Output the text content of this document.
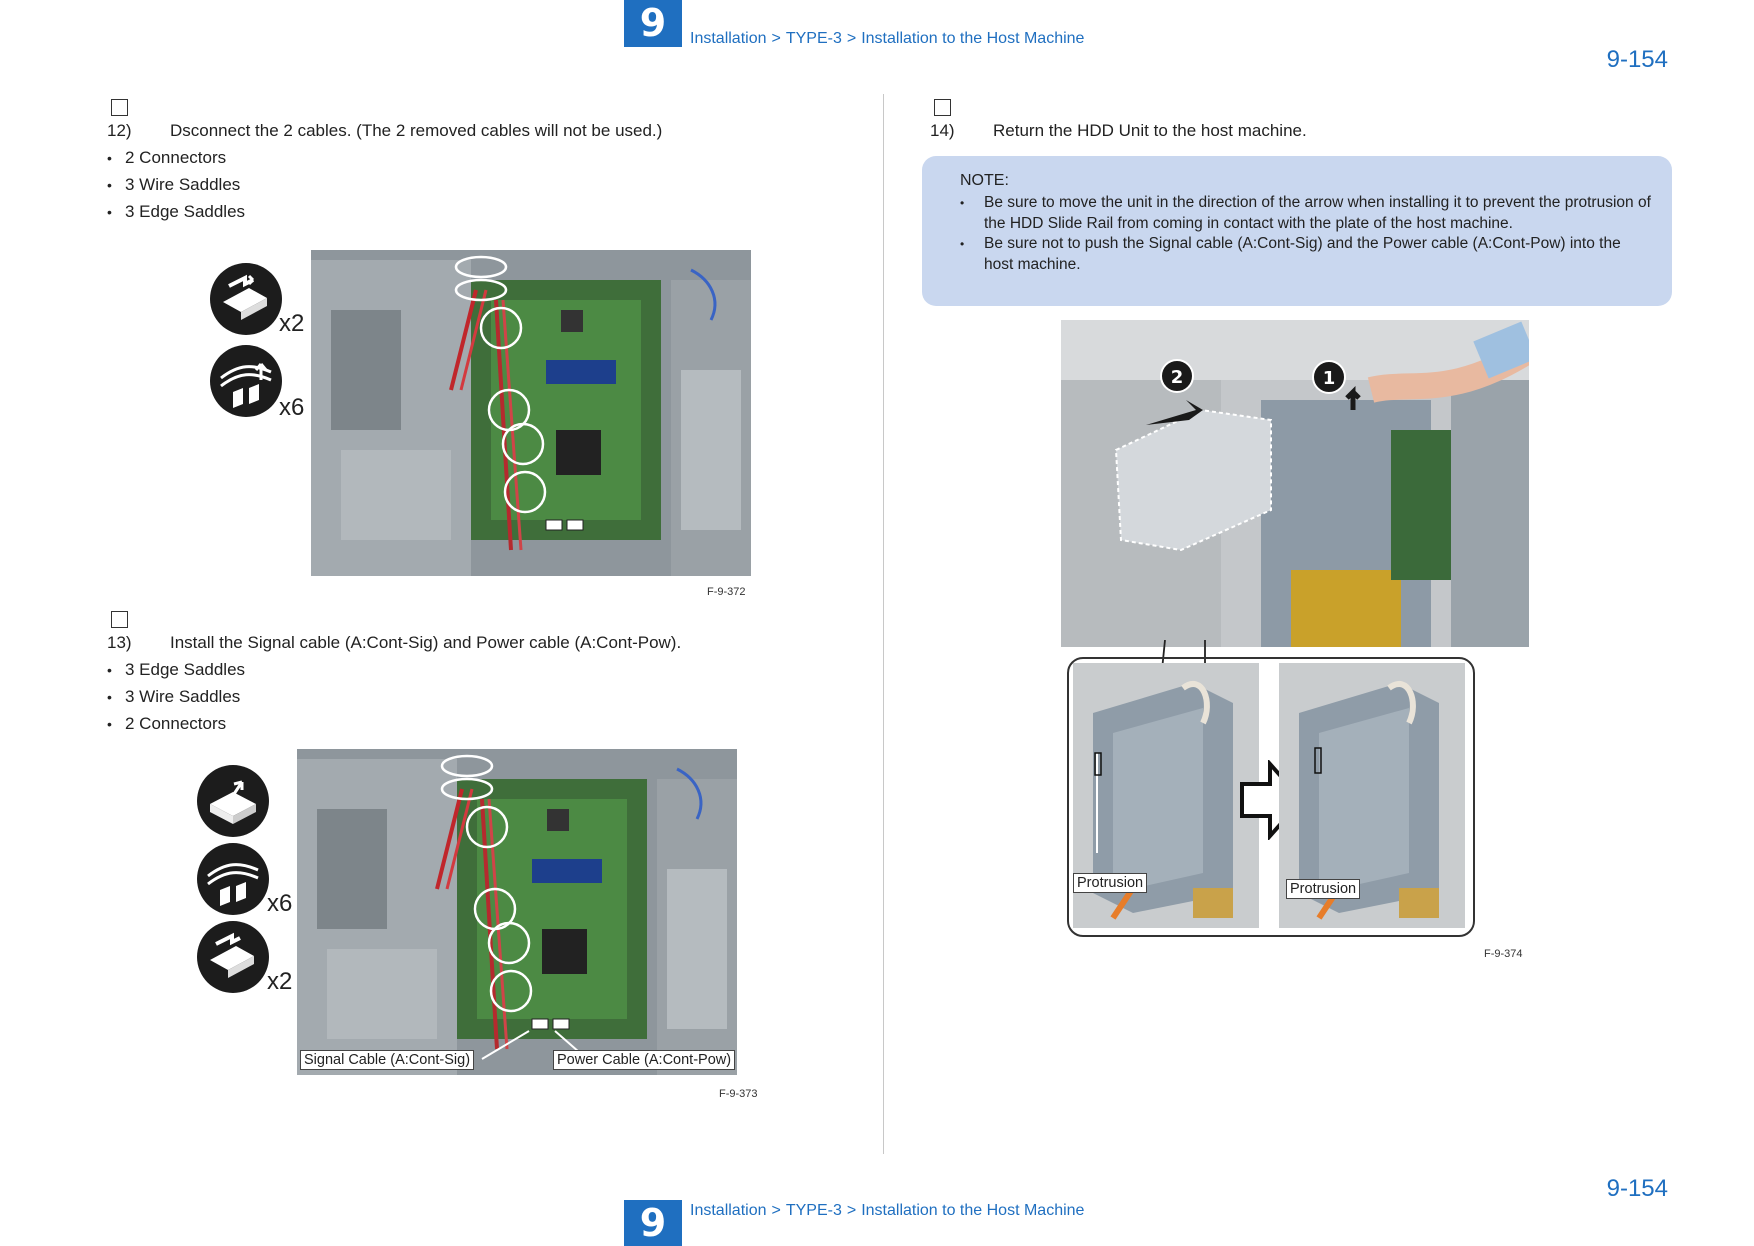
9	Installation > TYPE-3 > Installation to the Host Machine
9-154
12) Dsconnect the 2 cables. (The 2 removed cables will not be used.)
• 2 Connectors
• 3 Wire Saddles
• 3 Edge Saddles
x2
x6
F-9-372
13) Install the Signal cable (A:Cont-Sig) and Power cable (A:Cont-Pow).
• 3 Edge Saddles
• 3 Wire Saddles
• 2 Connectors
x6
x2
Signal Cable (A:Cont-Sig)	Power Cable (A:Cont-Pow)
F-9-373
14) Return the HDD Unit to the host machine.
NOTE:
• Be sure to move the unit in the direction of the arrow when installing it to prevent the protrusion of the HDD Slide Rail from coming in contact with the plate of the host machine.
• Be sure not to push the Signal cable (A:Cont-Sig) and the Power cable (A:Cont-Pow) into the host machine.
2	1
Protrusion	Protrusion
F-9-374
9-154
9	Installation > TYPE-3 > Installation to the Host Machine
